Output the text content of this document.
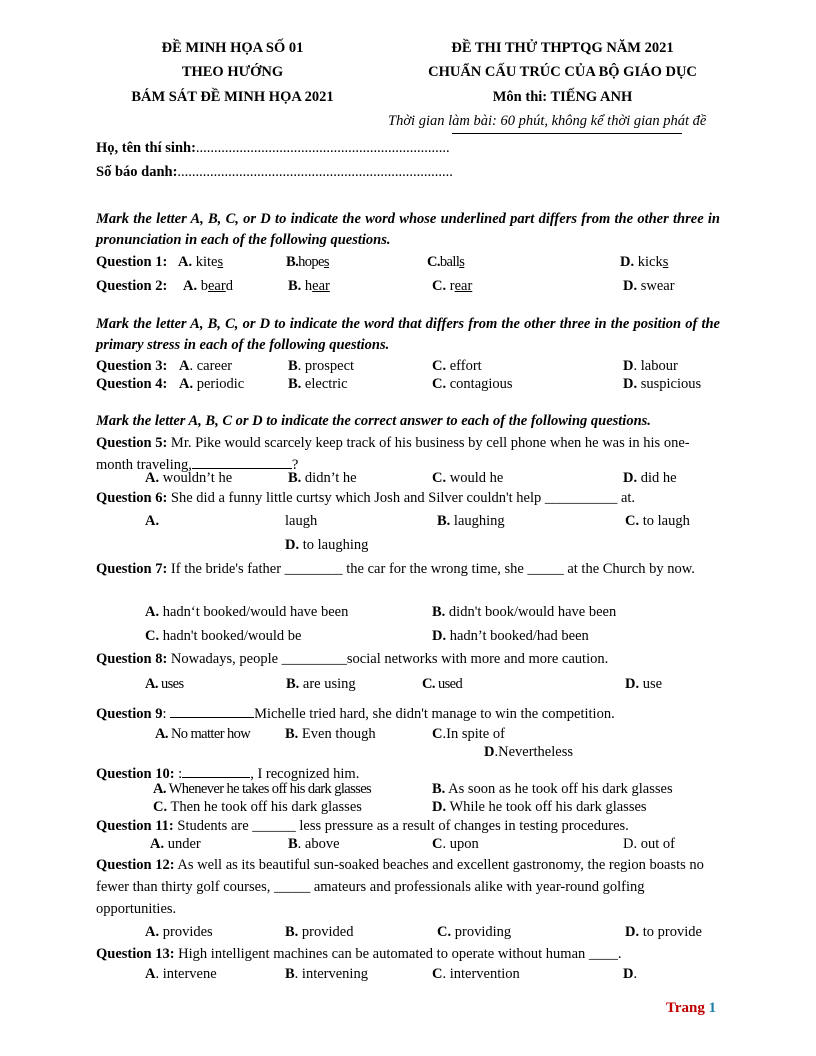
ĐỀ MINH HỌA SỐ 01
THEO HƯỚNG
BÁM SÁT ĐỀ MINH HỌA 2021
ĐỀ THI THỬ THPTQG NĂM 2021
CHUẨN CẤU TRÚC CỦA BỘ GIÁO DỤC
Môn thi: TIẾNG ANH
Thời gian làm bài: 60 phút, không kể thời gian phát đề
Họ, tên thí sinh:......................................................................
Số báo danh:............................................................................
Mark the letter A, B, C, or D to indicate the word whose underlined part differs from the other three in pronunciation in each of the following questions.
Question 1: A. kites	B.hopes	C.balls	D. kicks
Question 2: A. beard	B. hear	C. rear	D. swear
Mark the letter A, B, C, or D to indicate the word that differs from the other three in the position of the primary stress in each of the following questions.
Question 3: A. career	B. prospect	C. effort	D. labour
Question 4: A. periodic	B. electric	C. contagious	D. suspicious
Mark the letter A, B, C or D to indicate the correct answer to each of the following questions.
Question 5: Mr. Pike would scarcely keep track of his business by cell phone when he was in his one- month traveling,	?
A. wouldn’t he	B. didn’t he	C. would he	D. did he
Question 6: She did a funny little curtsy which Josh and Silver couldn't help __________ at.
A.	laugh	B. laughing	C. to laugh
D. to laughing
Question 7: If the bride's father ________ the car for the wrong time, she _____ at the Church by now.
A. hadn‘t booked/would have been	B. didn't book/would have been
C. hadn't booked/would be	D. hadn’t booked/had been
Question 8: Nowadays, people _________social networks with more and more caution.
A. uses	B. are using	C. used	D. use
Question 9:	Michelle tried hard, she didn't manage to win the competition.
A. No matter how B. Even though	C.In spite of
D.Nevertheless
Question 10: :	, I recognized him.
A. Whenever he takes off his dark glasses	B. As soon as he took off his dark glasses
C. Then he took off his dark glasses	D. While he took off his dark glasses
Question 11: Students are ______ less pressure as a result of changes in testing procedures.
A. under	B. above	C. upon	D. out of
Question 12: As well as its beautiful sun-soaked beaches and excellent gastronomy, the region boasts no fewer than thirty golf courses, _____ amateurs and professionals alike with year-round golfing opportunities.
A. provides	B. provided	C. providing	D. to provide
Question 13: High intelligent machines can be automated to operate without human ____.
A. intervene	B. intervening	C. intervention	D.
Trang 1
